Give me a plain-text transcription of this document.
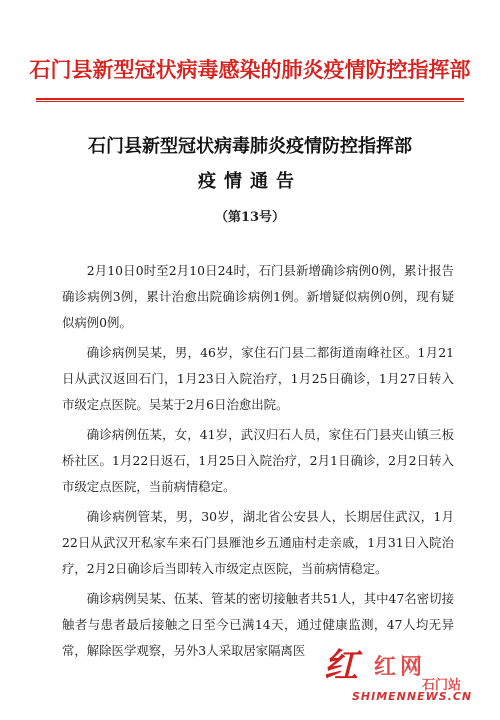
石门县新型冠状病毒感染的肺炎疫情防控指挥部
石门县新型冠状病毒肺炎疫情防控指挥部
疫情通告
（第13号）

2月10日0时至2月10日24时，石门县新增确诊病例0例，累计报告确诊病例3例，累计治愈出院确诊病例1例。新增疑似病例0例，现有疑似病例0例。

确诊病例吴某，男，46岁，家住石门县二都街道南峰社区。1月21日从武汉返回石门，1月23日入院治疗，1月25日确诊，1月27日转入市级定点医院。吴某于2月6日治愈出院。

确诊病例伍某，女，41岁，武汉归石人员，家住石门县夹山镇三板桥社区。1月22日返石，1月25日入院治疗，2月1日确诊，2月2日转入市级定点医院，当前病情稳定。

确诊病例管某，男，30岁，湖北省公安县人，长期居住武汉，1月22日从武汉开私家车来石门县雁池乡五通庙村走亲戚，1月31日入院治疗，2月2日确诊后当即转入市级定点医院，当前病情稳定。

确诊病例吴某、伍某、管某的密切接触者共51人，其中47名密切接触者与患者最后接触之日至今已满14天，通过健康监测，47人均无异常，解除医学观察，另外3人采取居家隔离医 红 红网
石门站
SHIMENNEWS.CN
